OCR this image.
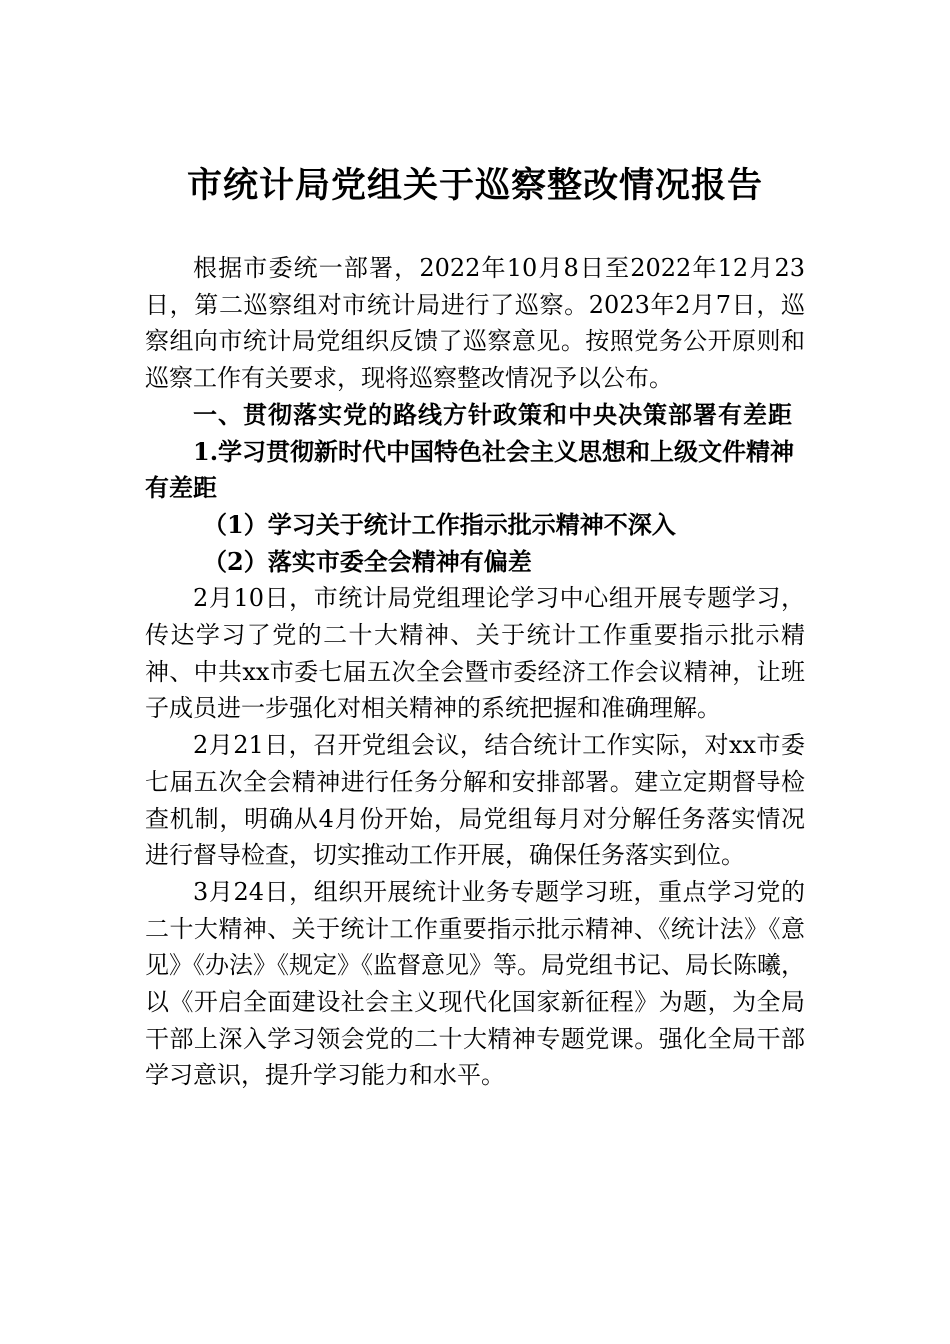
市统计局党组关于巡察整改情况报告

根据市委统一部署，2022年10月8日至2022年12月23日，第二巡察组对市统计局进行了巡察。2023年2月7日，巡察组向市统计局党组织反馈了巡察意见。按照党务公开原则和巡察工作有关要求，现将巡察整改情况予以公布。

一、贯彻落实党的路线方针政策和中央决策部署有差距

1.学习贯彻新时代中国特色社会主义思想和上级文件精神有差距

（1）学习关于统计工作指示批示精神不深入

（2）落实市委全会精神有偏差

2月10日，市统计局党组理论学习中心组开展专题学习，传达学习了党的二十大精神、关于统计工作重要指示批示精神、中共xx市委七届五次全会暨市委经济工作会议精神，让班子成员进一步强化对相关精神的系统把握和准确理解。

2月21日，召开党组会议，结合统计工作实际，对xx市委七届五次全会精神进行任务分解和安排部署。建立定期督导检查机制，明确从4月份开始，局党组每月对分解任务落实情况进行督导检查，切实推动工作开展，确保任务落实到位。

3月24日，组织开展统计业务专题学习班，重点学习党的二十大精神、关于统计工作重要指示批示精神、《统计法》《意见》《办法》《规定》《监督意见》等。局党组书记、局长陈曦，以《开启全面建设社会主义现代化国家新征程》为题，为全局干部上深入学习领会党的二十大精神专题党课。强化全局干部学习意识，提升学习能力和水平。
